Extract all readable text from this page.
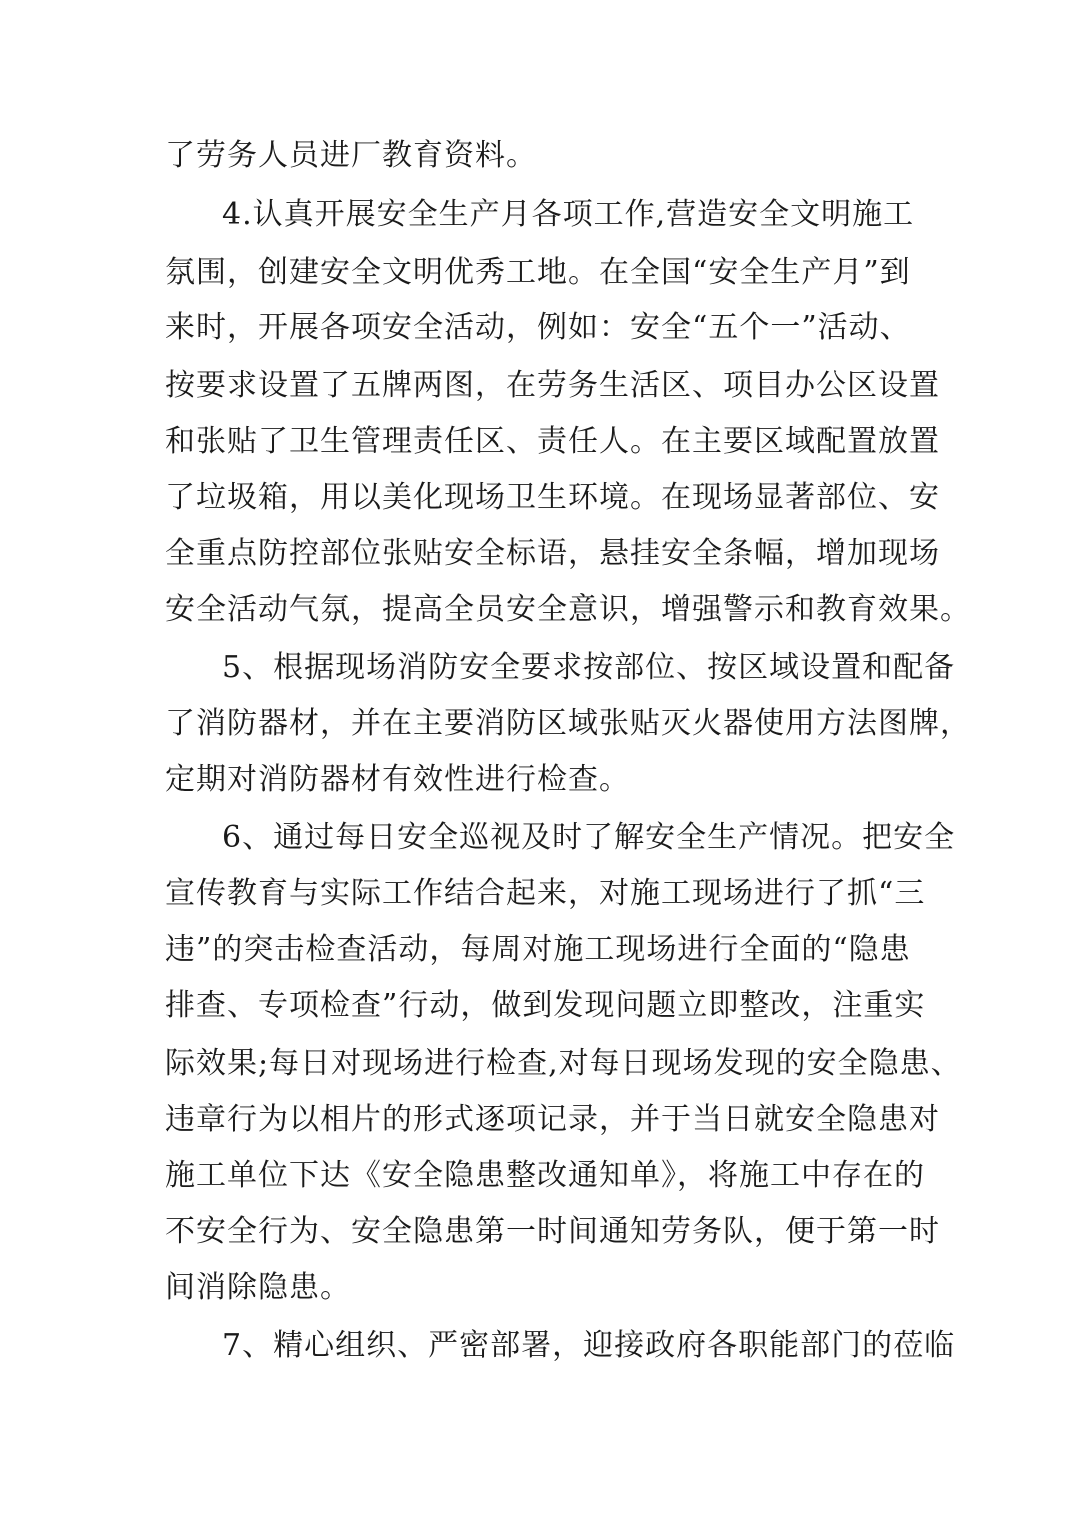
了劳务人员进厂教育资料。
4.认真开展安全生产月各项工作,营造安全文明施工
氛围，创建安全文明优秀工地。在全国“安全生产月”到
来时，开展各项安全活动，例如：安全“五个一”活动、
按要求设置了五牌两图，在劳务生活区、项目办公区设置
和张贴了卫生管理责任区、责任人。在主要区域配置放置
了垃圾箱，用以美化现场卫生环境。在现场显著部位、安
全重点防控部位张贴安全标语，悬挂安全条幅，增加现场
安全活动气氛，提高全员安全意识，增强警示和教育效果。
5、根据现场消防安全要求按部位、按区域设置和配备
了消防器材，并在主要消防区域张贴灭火器使用方法图牌，
定期对消防器材有效性进行检查。
6、通过每日安全巡视及时了解安全生产情况。把安全
宣传教育与实际工作结合起来，对施工现场进行了抓“三
违”的突击检查活动，每周对施工现场进行全面的“隐患
排查、专项检查”行动，做到发现问题立即整改，注重实
际效果;每日对现场进行检查,对每日现场发现的安全隐患、
违章行为以相片的形式逐项记录，并于当日就安全隐患对
施工单位下达《安全隐患整改通知单》，将施工中存在的
不安全行为、安全隐患第一时间通知劳务队，便于第一时
间消除隐患。
7、精心组织、严密部署，迎接政府各职能部门的莅临
